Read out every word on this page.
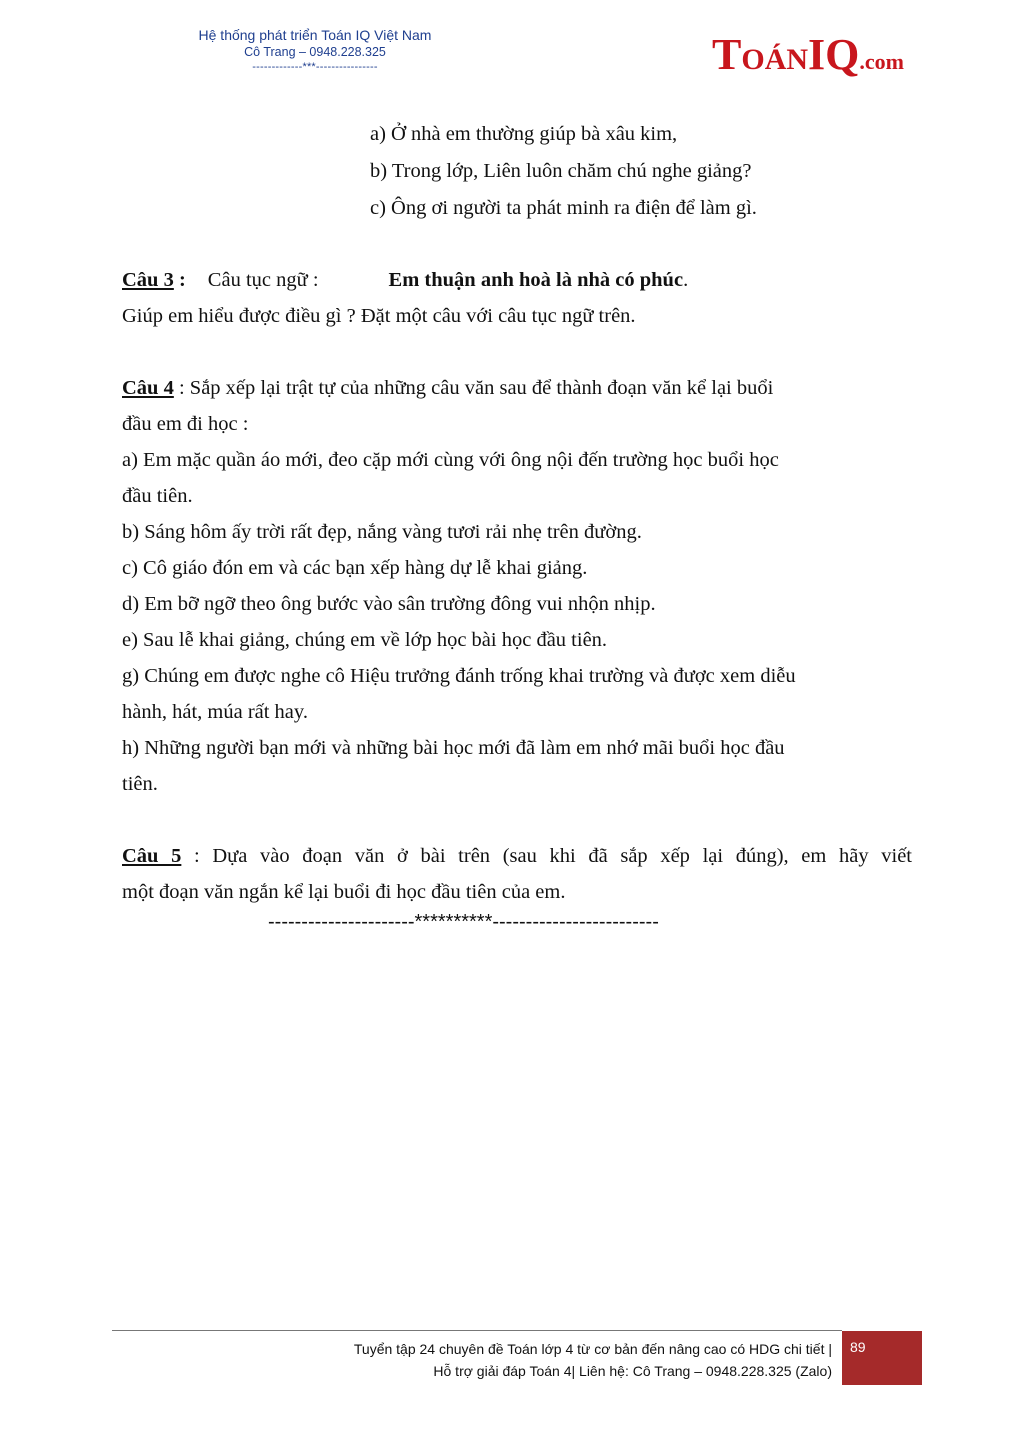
Hệ thống phát triển Toán IQ Việt Nam
Cô Trang – 0948.228.325
-------------***----------------	TOÁNIQ.com
a) Ở nhà em thường giúp bà xâu kim,
b) Trong lớp, Liên luôn chăm chú nghe giảng?
c) Ông ơi người ta phát minh ra điện để làm gì.
Câu 3 : Câu tục ngữ :	Em thuận anh hoà là nhà có phúc.
Giúp em hiểu được điều gì ? Đặt một câu với câu tục ngữ trên.
Câu 4 : Sắp xếp lại trật tự của những câu văn sau để thành đoạn văn kể lại buổi
đầu em đi học :
a) Em mặc quần áo mới, đeo cặp mới cùng với ông nội đến trường học buổi học
đầu tiên.
b) Sáng hôm ấy trời rất đẹp, nắng vàng tươi rải nhẹ trên đường.
c) Cô giáo đón em và các bạn xếp hàng dự lễ khai giảng.
d) Em bỡ ngỡ theo ông bước vào sân trường đông vui nhộn nhịp.
e) Sau lễ khai giảng, chúng em về lớp học bài học đầu tiên.
g) Chúng em được nghe cô Hiệu trưởng đánh trống khai trường và được xem diễu
hành, hát, múa rất hay.
h) Những người bạn mới và những bài học mới đã làm em nhớ mãi buổi học đầu
tiên.
Câu 5 : Dựa vào đoạn văn ở bài trên (sau khi đã sắp xếp lại đúng), em hãy viết
một đoạn văn ngắn kể lại buổi đi học đầu tiên của em.
----------------------**********-------------------------
Tuyển tập 24 chuyên đề Toán lớp 4 từ cơ bản đến nâng cao có HDG chi tiết |
Hỗ trợ giải đáp Toán 4| Liên hệ: Cô Trang – 0948.228.325 (Zalo)
89
